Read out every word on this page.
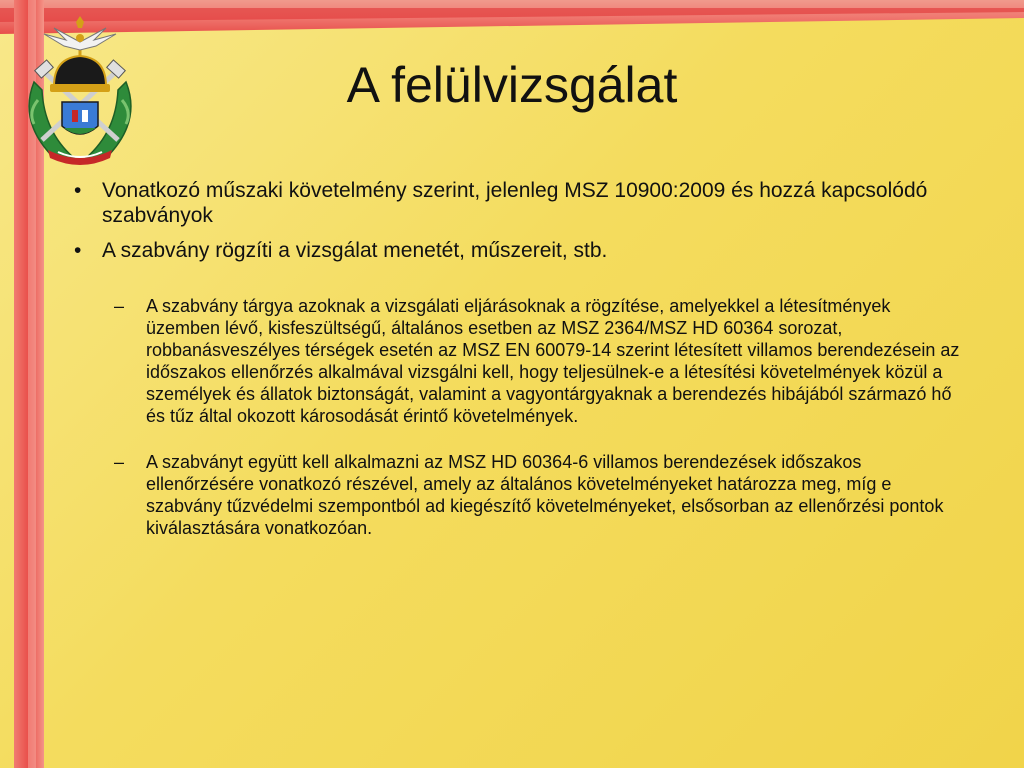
A felülvizsgálat
• Vonatkozó műszaki követelmény szerint, jelenleg MSZ 10900:2009 és hozzá kapcsolódó szabványok
• A szabvány rögzíti a vizsgálat menetét, műszereit, stb.
– A szabvány tárgya azoknak a vizsgálati eljárásoknak a rögzítése, amelyekkel a létesítmények üzemben lévő, kisfeszültségű, általános esetben az MSZ 2364/MSZ HD 60364 sorozat, robbanásveszélyes térségek esetén az MSZ EN 60079-14 szerint létesített villamos berendezésein az időszakos ellenőrzés alkalmával vizsgálni kell, hogy teljesülnek-e a létesítési követelmények közül a személyek és állatok biztonságát, valamint a vagyontárgyaknak a berendezés hibájából származó hő és tűz által okozott károsodását érintő követelmények.
– A szabványt együtt kell alkalmazni az MSZ HD 60364-6 villamos berendezések időszakos ellenőrzésére vonatkozó részével, amely az általános követelményeket határozza meg, míg e szabvány tűzvédelmi szempontból ad kiegészítő követelményeket, elsősorban az ellenőrzési pontok kiválasztására vonatkozóan.
